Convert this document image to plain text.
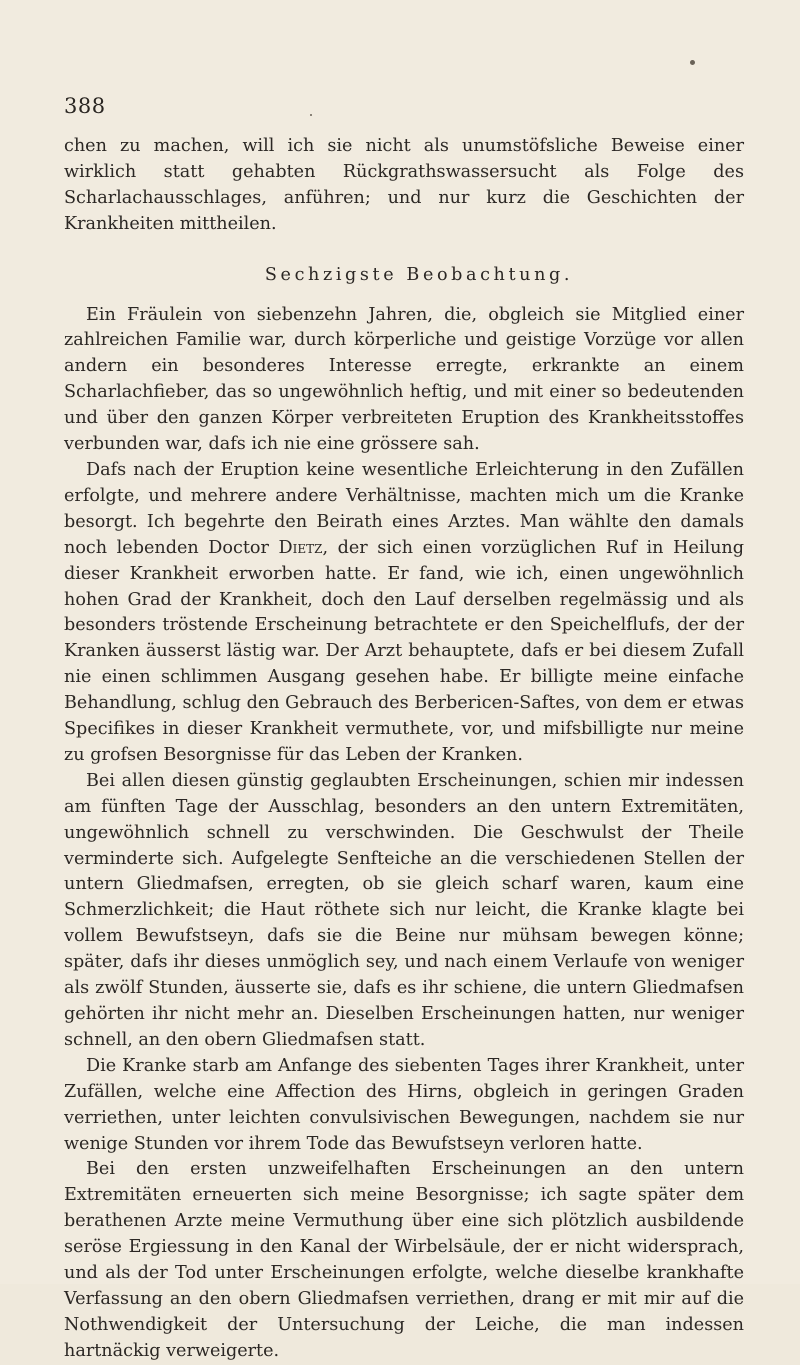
388

chen zu machen, will ich sie nicht als unumstöfsliche Beweise einer wirklich statt gehabten Rückgrathswassersucht als Folge des Scharlachausschlages, anführen; und nur kurz die Geschichten der Krankheiten mittheilen.

Sechzigste Beobachtung.

Ein Fräulein von siebenzehn Jahren, die, obgleich sie Mitglied einer zahlreichen Familie war, durch körperliche und geistige Vorzüge vor allen andern ein besonderes Interesse erregte, erkrankte an einem Scharlachfieber, das so ungewöhnlich heftig, und mit einer so bedeutenden und über den ganzen Körper verbreiteten Eruption des Krankheitsstoffes verbunden war, dafs ich nie eine grössere sah.

Dafs nach der Eruption keine wesentliche Erleichterung in den Zufällen erfolgte, und mehrere andere Verhältnisse, machten mich um die Kranke besorgt. Ich begehrte den Beirath eines Arztes. Man wählte den damals noch lebenden Doctor Dietz, der sich einen vorzüglichen Ruf in Heilung dieser Krankheit erworben hatte. Er fand, wie ich, einen ungewöhnlich hohen Grad der Krankheit, doch den Lauf derselben regelmässig und als besonders tröstende Erscheinung betrachtete er den Speichelflufs, der der Kranken äusserst lästig war. Der Arzt behauptete, dafs er bei diesem Zufall nie einen schlimmen Ausgang gesehen habe. Er billigte meine einfache Behandlung, schlug den Gebrauch des Berbericen-Saftes, von dem er etwas Specifikes in dieser Krankheit vermuthete, vor, und mifsbilligte nur meine zu grofsen Besorgnisse für das Leben der Kranken.

Bei allen diesen günstig geglaubten Erscheinungen, schien mir indessen am fünften Tage der Ausschlag, besonders an den untern Extremitäten, ungewöhnlich schnell zu verschwinden. Die Geschwulst der Theile verminderte sich. Aufgelegte Senfteiche an die verschiedenen Stellen der untern Gliedmafsen, erregten, ob sie gleich scharf waren, kaum eine Schmerzlichkeit; die Haut röthete sich nur leicht, die Kranke klagte bei vollem Bewufstseyn, dafs sie die Beine nur mühsam bewegen könne; später, dafs ihr dieses unmöglich sey, und nach einem Verlaufe von weniger als zwölf Stunden, äusserte sie, dafs es ihr schiene, die untern Gliedmafsen gehörten ihr nicht mehr an. Dieselben Erscheinungen hatten, nur weniger schnell, an den obern Gliedmafsen statt.

Die Kranke starb am Anfange des siebenten Tages ihrer Krankheit, unter Zufällen, welche eine Affection des Hirns, obgleich in geringen Graden verriethen, unter leichten convulsivischen Bewegungen, nachdem sie nur wenige Stunden vor ihrem Tode das Bewufstseyn verloren hatte.

Bei den ersten unzweifelhaften Erscheinungen an den untern Extremitäten erneuerten sich meine Besorgnisse; ich sagte später dem berathenen Arzte meine Vermuthung über eine sich plötzlich ausbildende seröse Ergiessung in den Kanal der Wirbelsäule, der er nicht widersprach, und als der Tod unter Erscheinungen erfolgte, welche dieselbe krankhafte Verfassung an den obern Gliedmafsen verriethen, drang er mit mir auf die Nothwendigkeit der Untersuchung der Leiche, die man indessen hartnäckig verweigerte.
